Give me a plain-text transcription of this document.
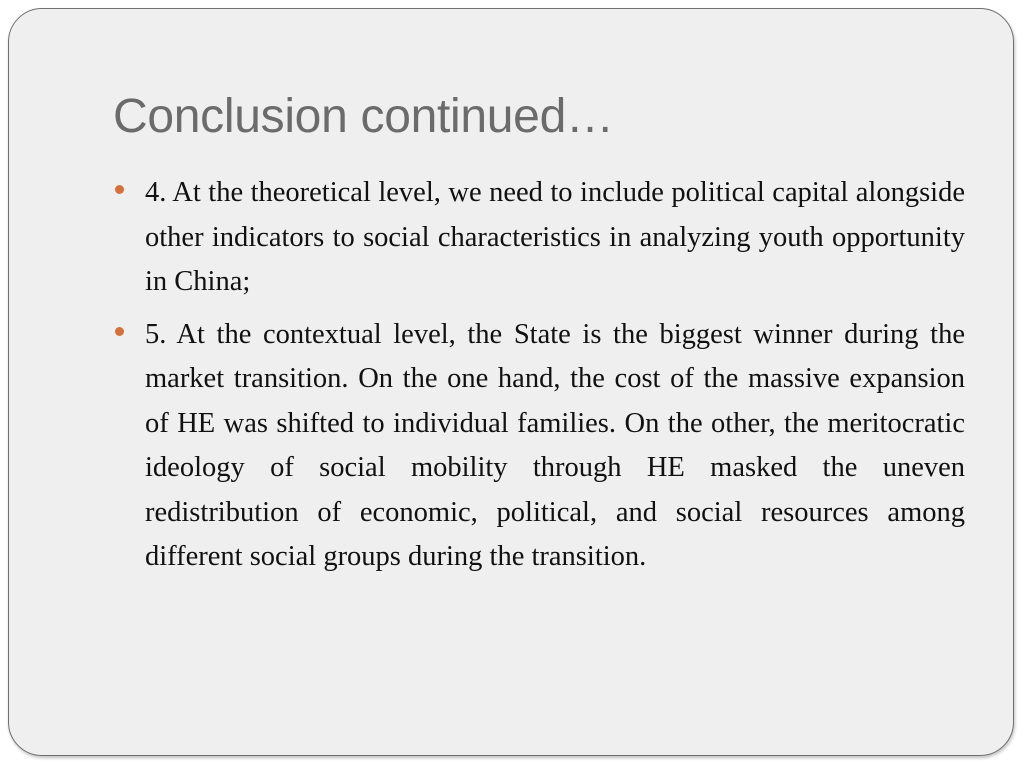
Conclusion continued…
4. At the theoretical level, we need to include political capital alongside other indicators to social characteristics in analyzing youth opportunity in China;
5. At the contextual level, the State is the biggest winner during the market transition. On the one hand, the cost of the massive expansion of HE was shifted to individual families. On the other, the meritocratic ideology of social mobility through HE masked the uneven redistribution of economic, political, and social resources among different social groups during the transition.
